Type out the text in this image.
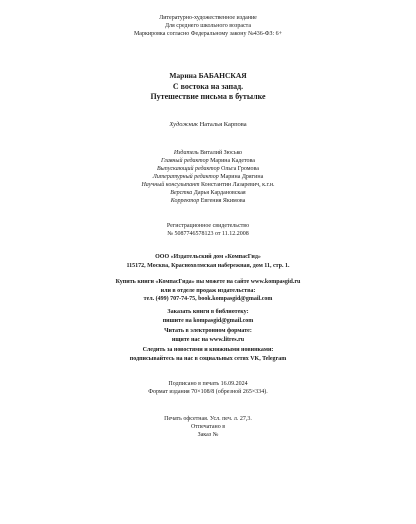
Литературно-художественное издание
Для среднего школьного возраста
Маркировка согласно Федеральному закону №436-ФЗ: 6+
Марина БАБАНСКАЯ
С востока на запад.
Путешествие письма в бутылке
Художник Наталья Карпова
Издатель Виталий Зюсько
Главный редактор Марина Кадетова
Выпускающий редактор Ольга Громова
Литературный редактор Марина Дрягина
Научный консультант Константин Лазаревич, к.г.н.
Верстка Дарья Кардановская
Корректор Евгения Якимова
Регистрационное свидетельство
№ 5087746578123 от 11.12.2008
ООО «Издательский дом «КомпасГид»
115172, Москва, Краснохолмская набережная, дом 11, стр. 1.
Купить книги «КомпасГида» вы можете на сайте www.kompasgid.ru
или в отделе продаж издательства:
тел. (499) 707-74-75, book.kompasgid@gmail.com
Заказать книги в библиотеку:
пишите на kompasgid@gmail.com
Читать в электронном формате:
ищите нас на www.litres.ru
Следить за новостями и книжными новинками:
подписывайтесь на нас в социальных сетях VK, Telegram
Подписано в печать 16.09.2024
Формат издания 70×108/8 (обрезной 265×334).
Печать офсетная. Усл. печ. л. 27,3.
Отпечатано в
Заказ №
